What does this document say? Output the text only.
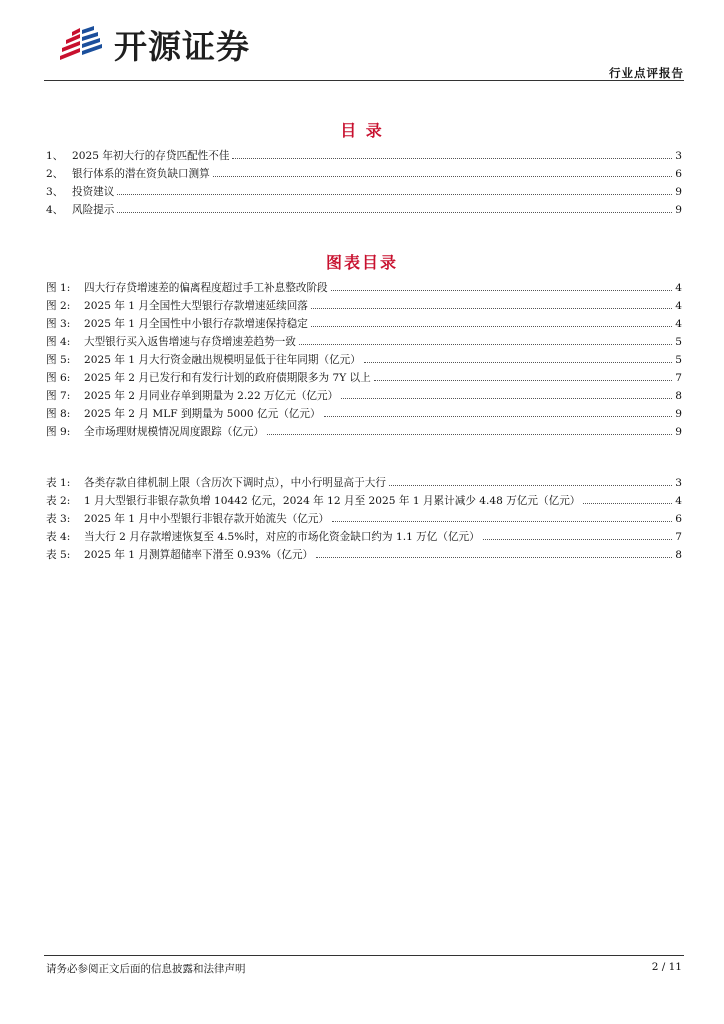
开源证券
行业点评报告
目 录
1、 2025 年初大行的存贷匹配性不佳	3
2、 银行体系的潜在资负缺口测算	6
3、 投资建议	9
4、 风险提示	9
图表目录
图 1:	四大行存贷增速差的偏离程度超过手工补息整改阶段	4
图 2:	2025 年 1 月全国性大型银行存款增速延续回落	4
图 3:	2025 年 1 月全国性中小银行存款增速保持稳定	4
图 4:	大型银行买入返售增速与存贷增速差趋势一致	5
图 5:	2025 年 1 月大行资金融出规模明显低于往年同期（亿元）	5
图 6:	2025 年 2 月已发行和有发行计划的政府债期限多为 7Y 以上	7
图 7:	2025 年 2 月同业存单到期量为 2.22 万亿元（亿元）	8
图 8:	2025 年 2 月 MLF 到期量为 5000 亿元（亿元）	9
图 9:	全市场理财规模情况周度跟踪（亿元）	9
表 1:	各类存款自律机制上限（含历次下调时点），中小行明显高于大行	3
表 2:	1 月大型银行非银存款负增 10442 亿元，2024 年 12 月至 2025 年 1 月累计减少 4.48 万亿元（亿元）	4
表 3:	2025 年 1 月中小型银行非银存款开始流失（亿元）	6
表 4:	当大行 2 月存款增速恢复至 4.5%时，对应的市场化资金缺口约为 1.1 万亿（亿元）	7
表 5:	2025 年 1 月测算超储率下滑至 0.93%（亿元）	8
请务必参阅正文后面的信息披露和法律声明	2 / 11
